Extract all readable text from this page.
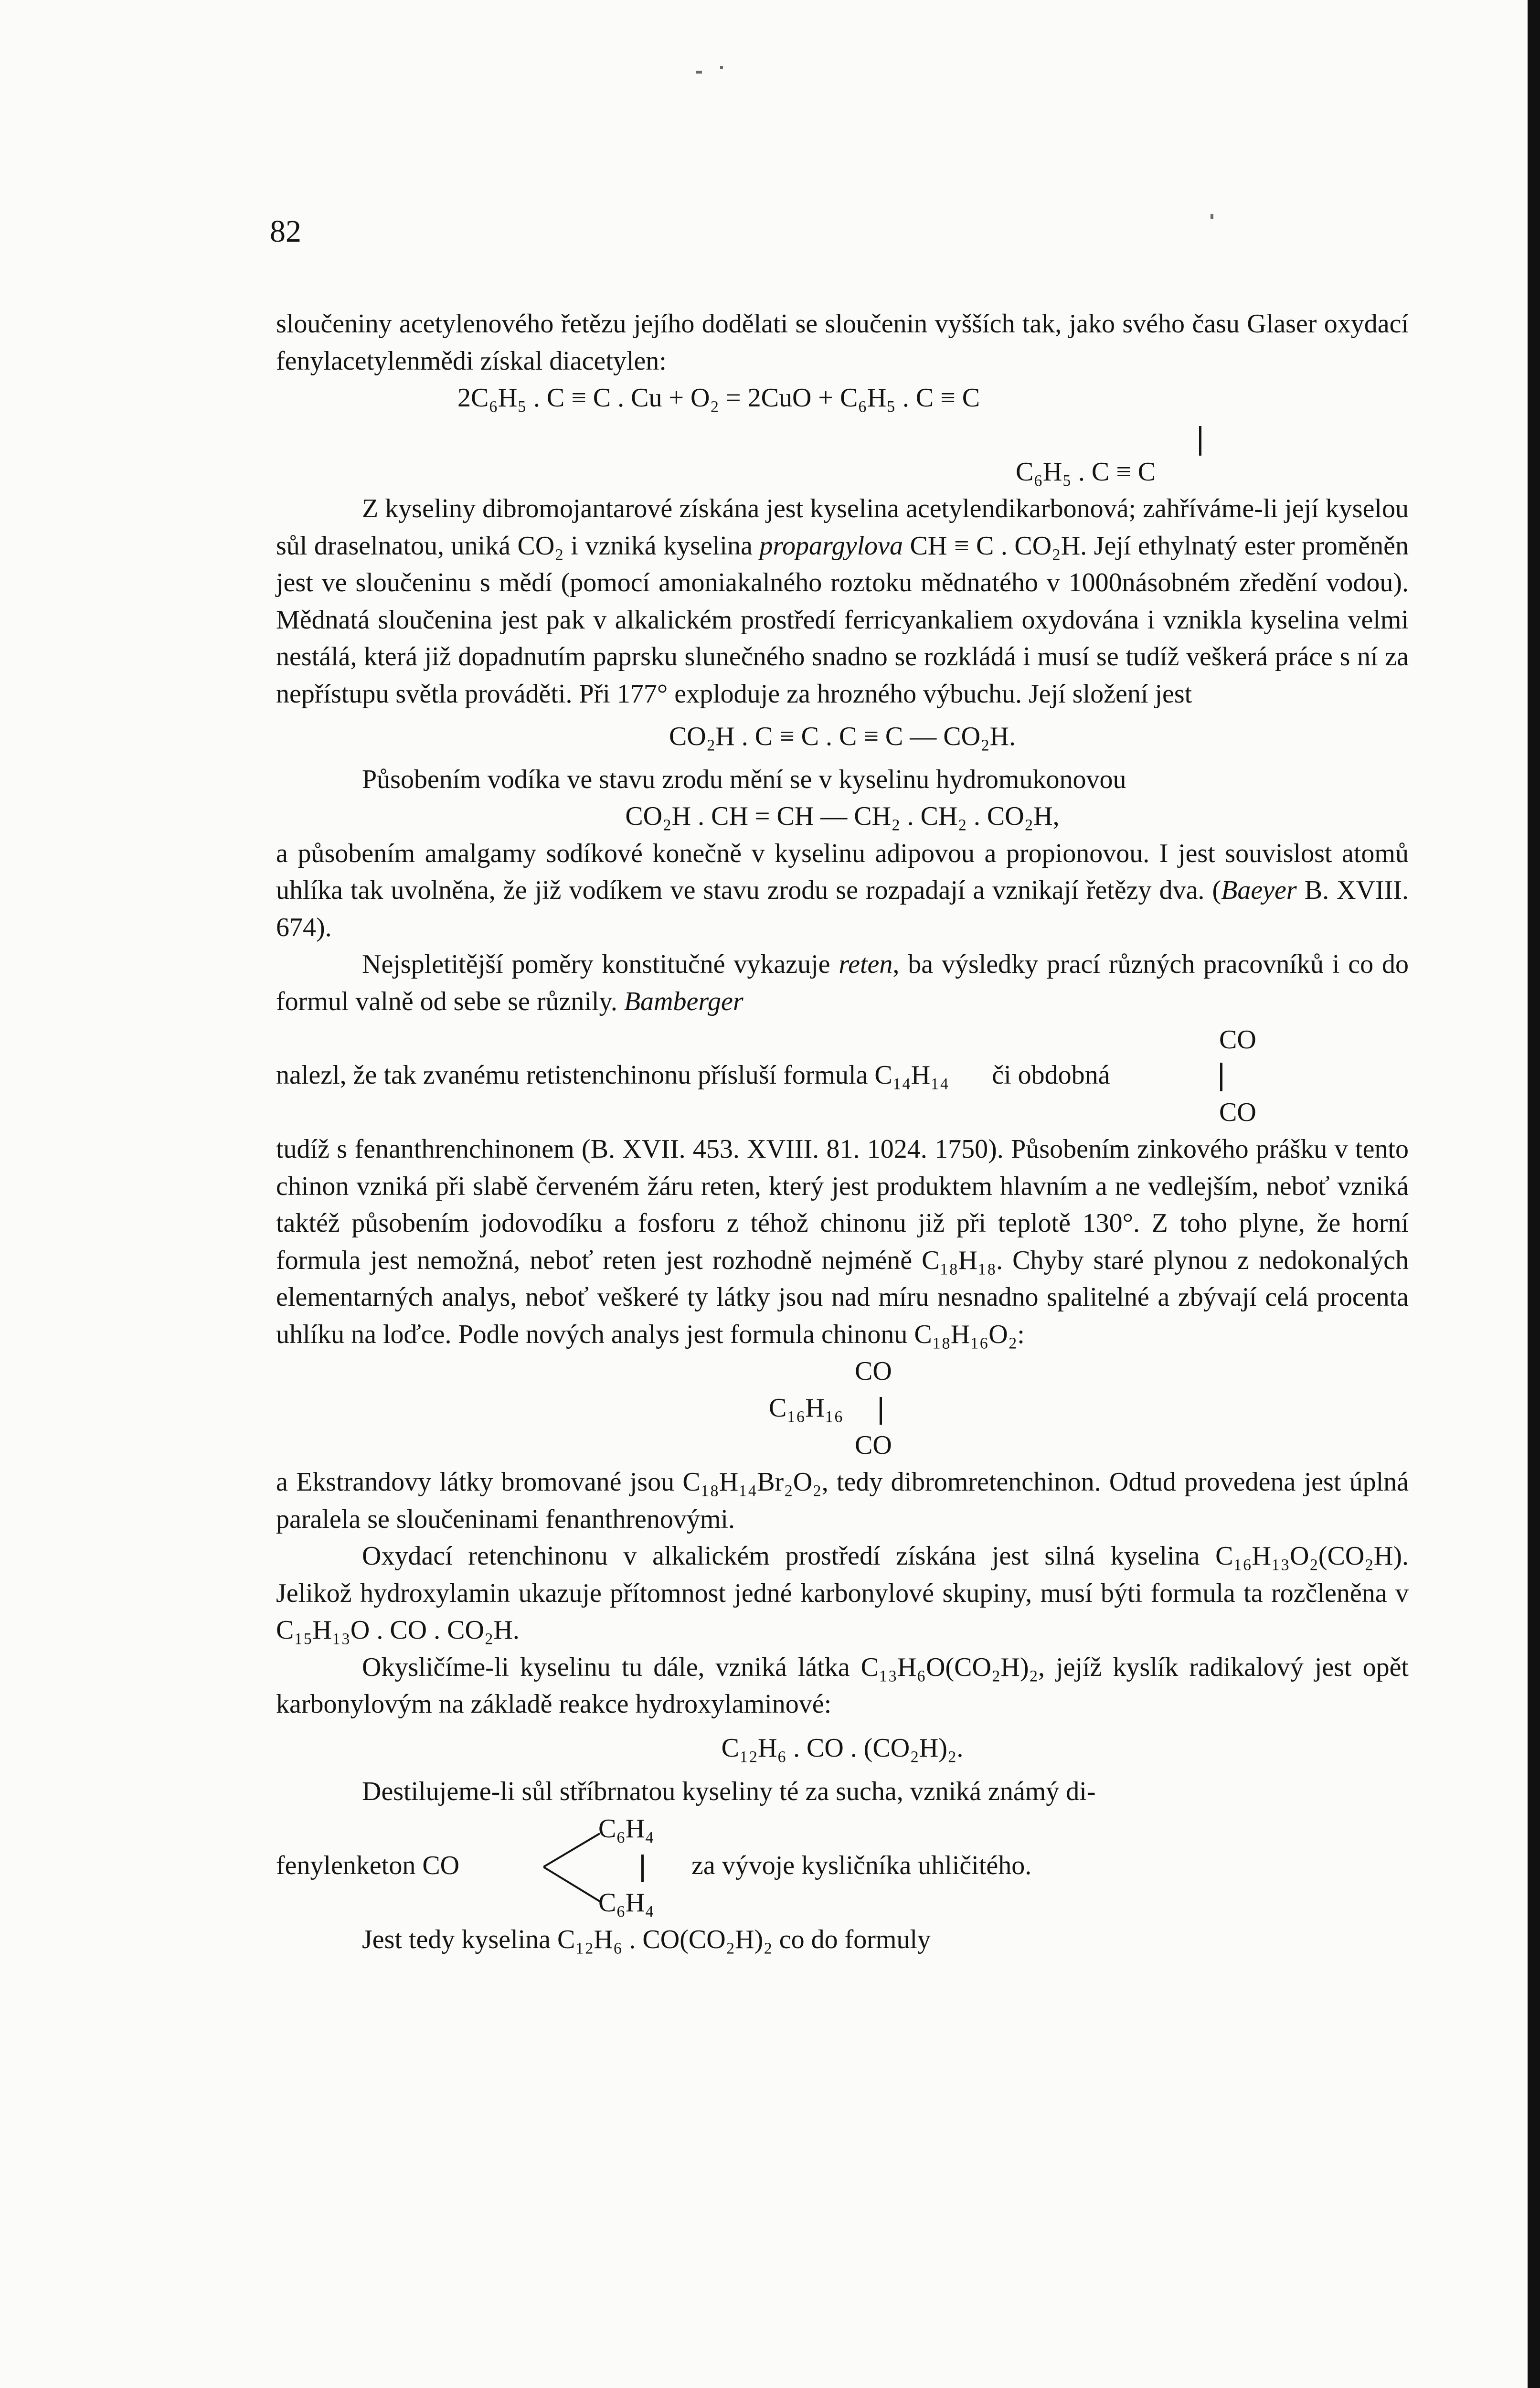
82

sloučeniny acetylenového řetězu jejího dodělati se sloučenin vyšších tak, jako svého času Glaser oxydací fenylacetylenmědi získal diacetylen:

2C₆H₅ . C ≡ C . Cu + O₂ = 2CuO + C₆H₅ . C ≡ C
C₆H₅ . C ≡ C

Z kyseliny dibromojantarové získána jest kyselina acetylendikarbonová; zahříváme-li její kyselou sůl draselnatou, uniká CO₂ i vzniká kyselina propargylova CH ≡ C . CO₂H. Její ethylnatý ester proměněn jest ve sloučeninu s mědí (pomocí amoniakalného roztoku mědnatého v 1000násobném zředění vodou). Mědnatá sloučenina jest pak v alkalickém prostředí ferricyankaliem oxydována i vznikla kyselina velmi nestálá, která již dopadnutím paprsku slunečného snadno se rozkládá i musí se tudíž veškerá práce s ní za nepřístupu světla prováděti. Při 177° exploduje za hrozného výbuchu. Její složení jest

CO₂H . C ≡ C . C ≡ C — CO₂H.

Působením vodíka ve stavu zrodu mění se v kyselinu hydromukonovou

CO₂H . CH = CH — CH₂ . CH₂ . CO₂H,

a působením amalgamy sodíkové konečně v kyselinu adipovou a propionovou. I jest souvislost atomů uhlíka tak uvolněna, že již vodíkem ve stavu zrodu se rozpadají a vznikají řetězy dva. (Baeyer B. XVIII. 674).

Nejspletitější poměry konstitučné vykazuje reten, ba výsledky prací různých pracovníků i co do formul valně od sebe se různily. Bamberger

nalezl, že tak zvanému retistenchinonu přísluší formula C₁₄H₁₄ či obdobná
CO
CO

tudíž s fenanthrenchinonem (B. XVII. 453. XVIII. 81. 1024. 1750). Působením zinkového prášku v tento chinon vzniká při slabě červeném žáru reten, který jest produktem hlavním a ne vedlejším, neboť vzniká taktéž působením jodovodíku a fosforu z téhož chinonu již při teplotě 130°. Z toho plyne, že horní formula jest nemožná, neboť reten jest rozhodně nejméně C₁₈H₁₈. Chyby staré plynou z nedokonalých elementarných analys, neboť veškeré ty látky jsou nad míru nesnadno spalitelné a zbývají celá procenta uhlíku na loďce. Podle nových analys jest formula chinonu C₁₈H₁₆O₂:

CO
C₁₆H₁₆
CO

a Ekstrandovy látky bromované jsou C₁₈H₁₄Br₂O₂, tedy dibromretenchinon. Odtud provedena jest úplná paralela se sloučeninami fenanthrenovými.

Oxydací retenchinonu v alkalickém prostředí získána jest silná kyselina C₁₆H₁₃O₂(CO₂H). Jelikož hydroxylamin ukazuje přítomnost jedné karbonylové skupiny, musí býti formula ta rozčleněna v C₁₅H₁₃O . CO . CO₂H.

Okysličíme-li kyselinu tu dále, vzniká látka C₁₃H₆O(CO₂H)₂, jejíž kyslík radikalový jest opět karbonylovým na základě reakce hydroxylaminové:

C₁₂H₆ . CO . (CO₂H)₂.

Destilujeme-li sůl stříbrnatou kyseliny té za sucha, vzniká známý di-

fenylenketon CO
C₆H₄
C₆H₄
za vývoje kysličníka uhličitého.

Jest tedy kyselina C₁₂H₆ . CO(CO₂H)₂ co do formuly
